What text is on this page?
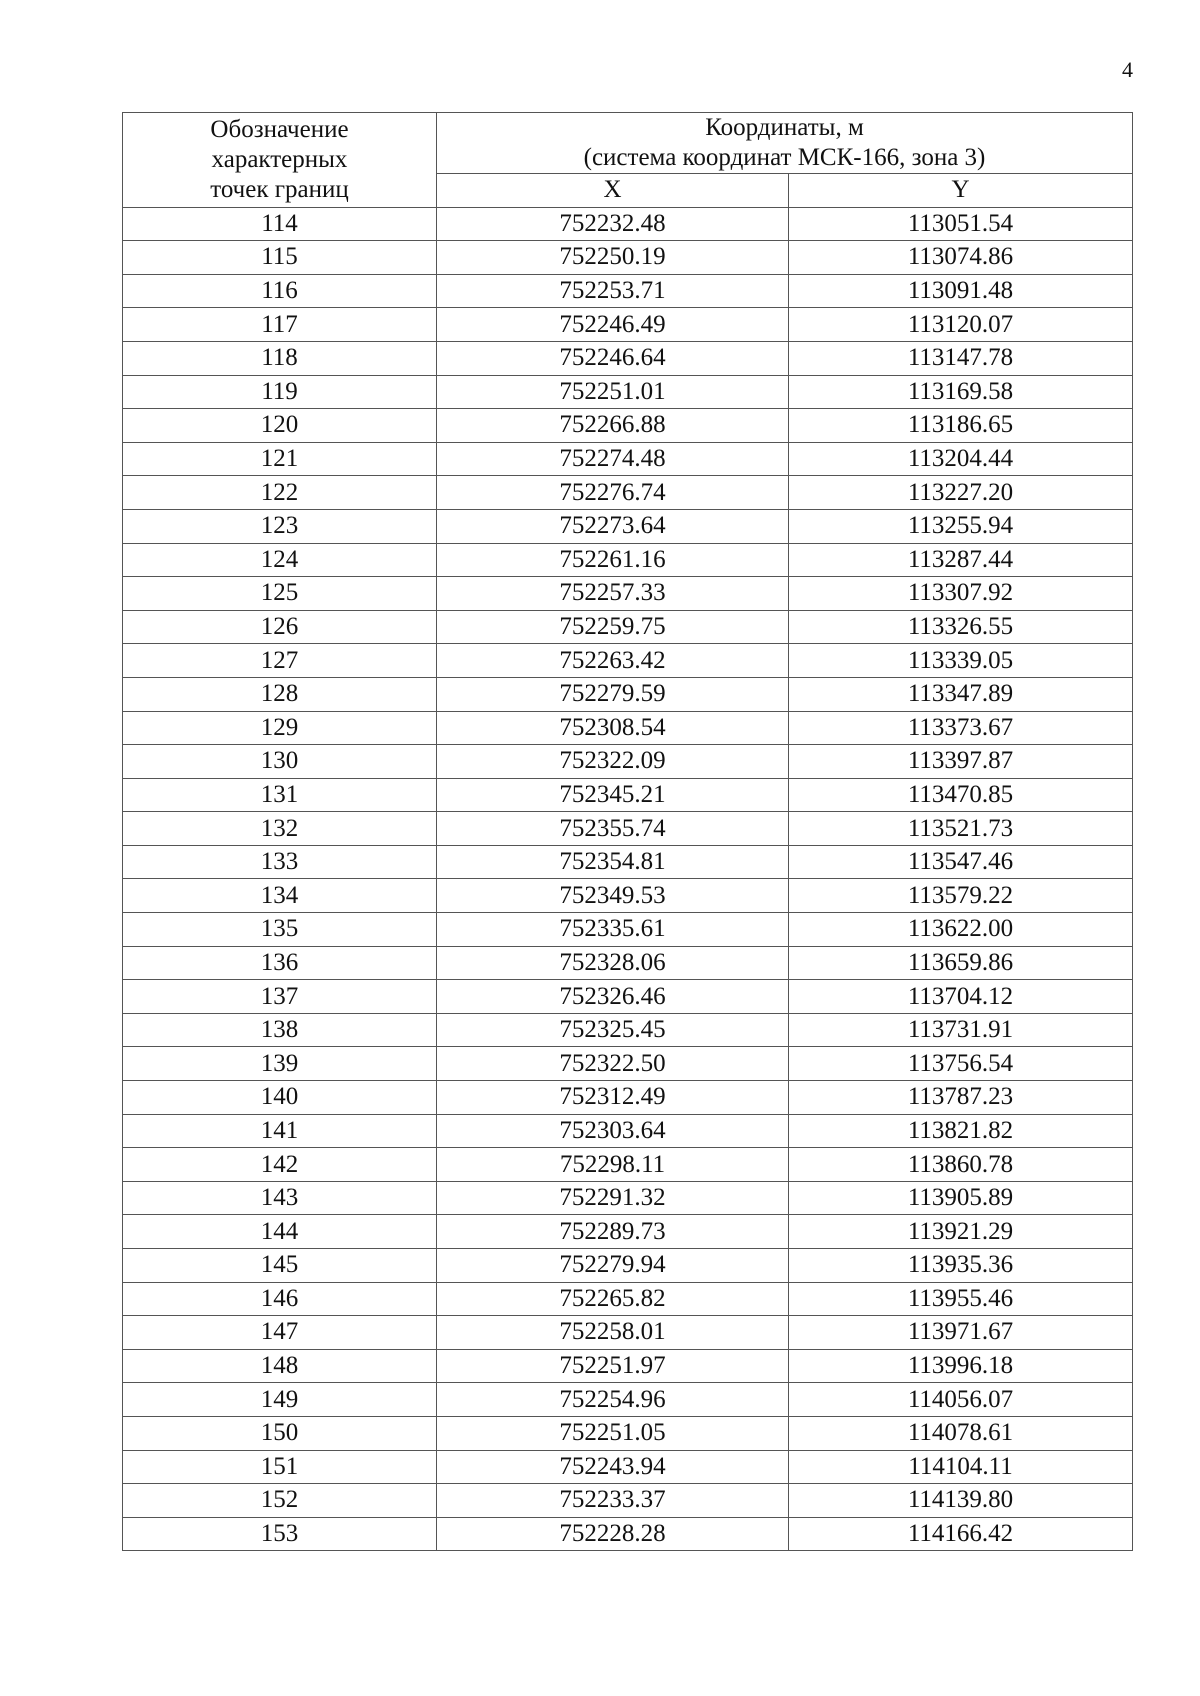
4
Обозначение
характерных
точек границ	Координаты, м
(система координат МСК-166, зона 3)	
	X	Y
114	752232.48	113051.54
115	752250.19	113074.86
116	752253.71	113091.48
117	752246.49	113120.07
118	752246.64	113147.78
119	752251.01	113169.58
120	752266.88	113186.65
121	752274.48	113204.44
122	752276.74	113227.20
123	752273.64	113255.94
124	752261.16	113287.44
125	752257.33	113307.92
126	752259.75	113326.55
127	752263.42	113339.05
128	752279.59	113347.89
129	752308.54	113373.67
130	752322.09	113397.87
131	752345.21	113470.85
132	752355.74	113521.73
133	752354.81	113547.46
134	752349.53	113579.22
135	752335.61	113622.00
136	752328.06	113659.86
137	752326.46	113704.12
138	752325.45	113731.91
139	752322.50	113756.54
140	752312.49	113787.23
141	752303.64	113821.82
142	752298.11	113860.78
143	752291.32	113905.89
144	752289.73	113921.29
145	752279.94	113935.36
146	752265.82	113955.46
147	752258.01	113971.67
148	752251.97	113996.18
149	752254.96	114056.07
150	752251.05	114078.61
151	752243.94	114104.11
152	752233.37	114139.80
153	752228.28	114166.42
